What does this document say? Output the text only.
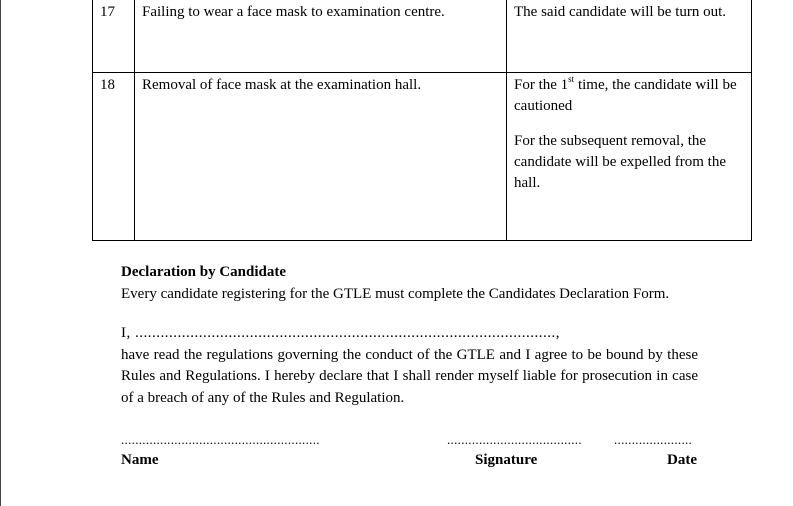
17	Failing to wear a face mask to examination centre.	The said candidate will be turn out.
18	Removal of face mask at the examination hall.	For the 1st time, the candidate will be cautioned

For the subsequent removal, the candidate will be expelled from the hall.

Declaration by Candidate

Every candidate registering for the GTLE must complete the Candidates Declaration Form.

I, ...................................................................................................,

have read the regulations governing the conduct of the GTLE and I agree to be bound by these Rules and Regulations. I hereby declare that I shall render myself liable for prosecution in case of a breach of any of the Rules and Regulation.

........................................................	......................................	......................
Name	Signature	Date
